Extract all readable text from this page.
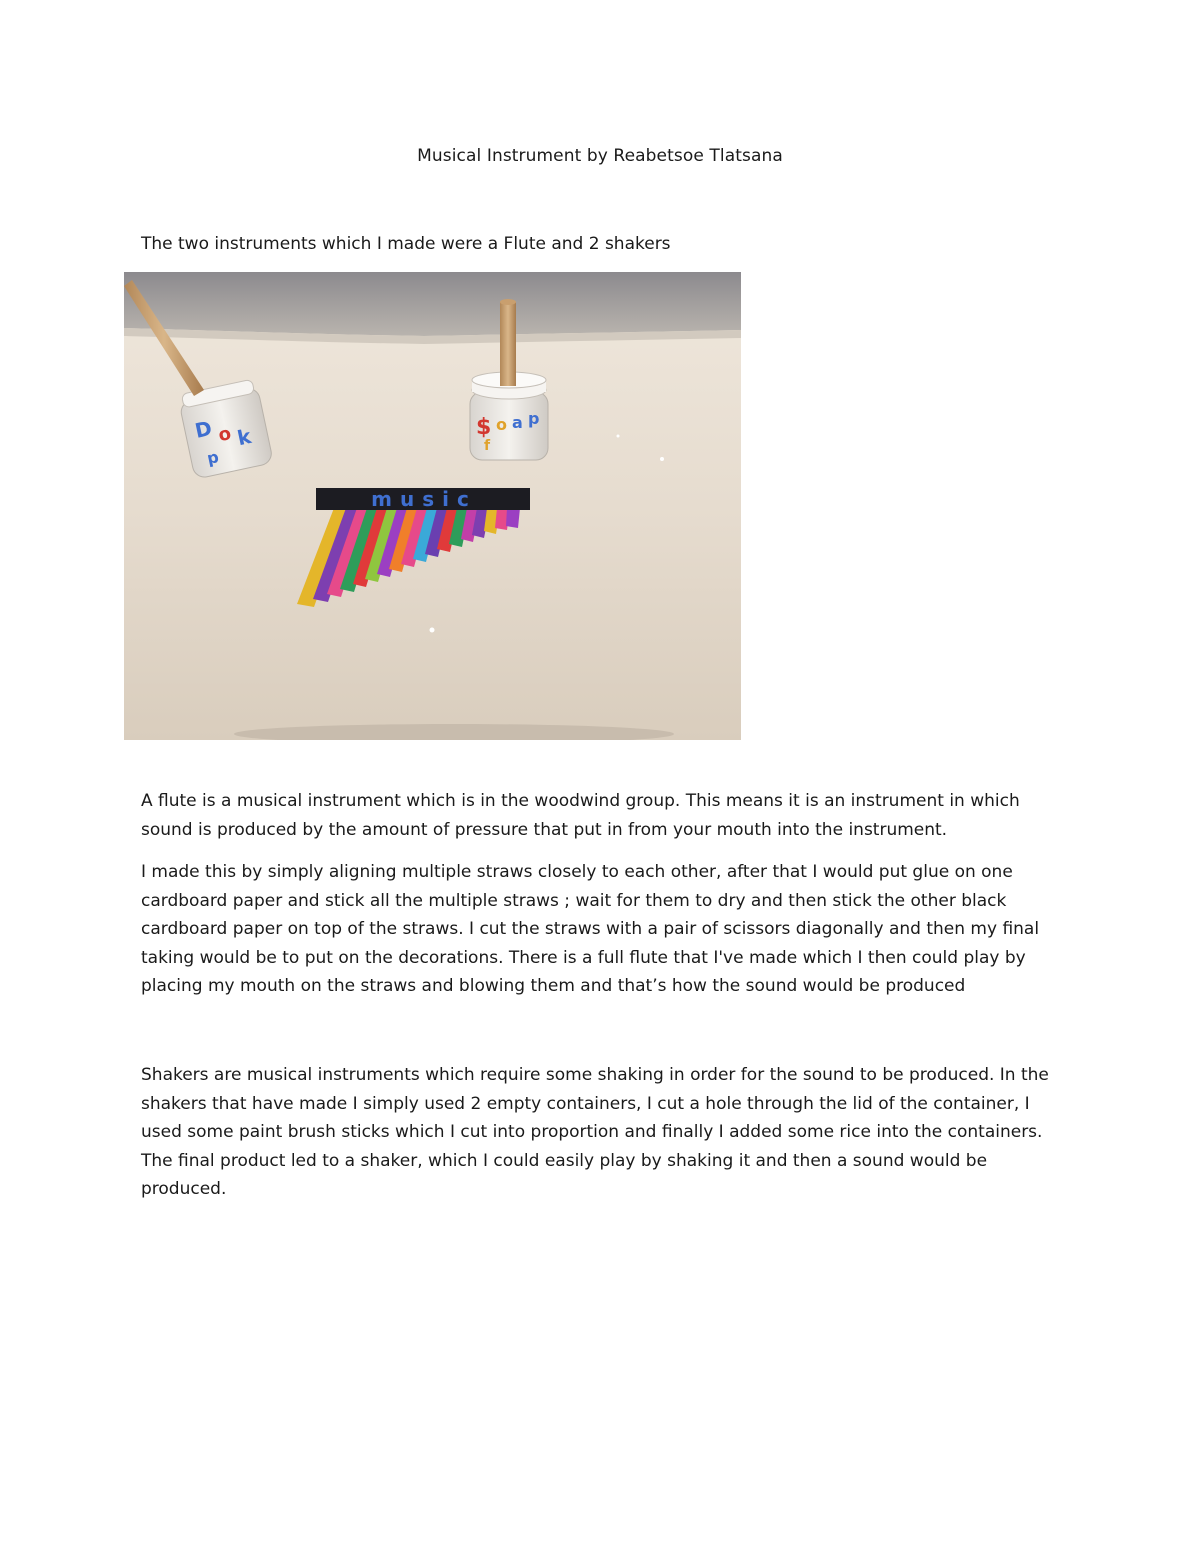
Musical Instrument by Reabetsoe Tlatsana
The two instruments which I made were a Flute and 2 shakers
D o k
p
$ o a p
f
music

A flute is a musical instrument which is in the woodwind group. This means it is an instrument in which sound is produced by the amount of pressure that put in from your mouth into the instrument.

I made this by simply aligning multiple straws closely to each other, after that I would put glue on one cardboard paper and stick all the multiple straws ; wait for them to dry and then stick the other black cardboard paper on top of the straws. I cut the straws with a pair of scissors diagonally and then my final taking would be to put on the decorations. There is a full flute that I've made which I then could play by placing my mouth on the straws and blowing them and that’s how the sound would be produced

Shakers are musical instruments which require some shaking in order for the sound to be produced. In the shakers that have made I simply used 2 empty containers, I cut a hole through the lid of the container, I used some paint brush sticks which I cut into proportion and finally I added some rice into the containers. The final product led to a shaker, which I could easily play by shaking it and then a sound would be produced.
